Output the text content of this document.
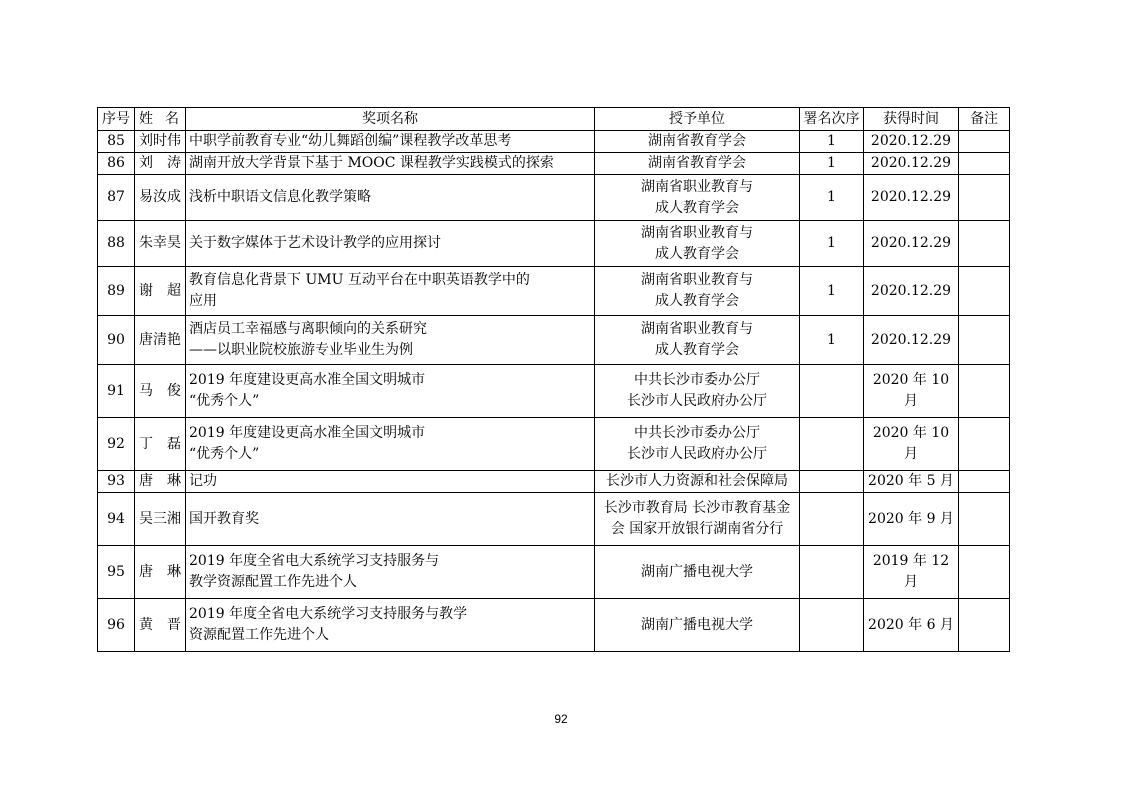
序号	姓 名	奖项名称	授予单位	署名次序	获得时间	备注
85	刘时伟	中职学前教育专业“幼儿舞蹈创编”课程教学改革思考	湖南省教育学会	1	2020.12.29	
86	刘 涛	湖南开放大学背景下基于 MOOC 课程教学实践模式的探索	湖南省教育学会	1	2020.12.29	
87	易汝成	浅析中职语文信息化教学策略	湖南省职业教育与
成人教育学会	1	2020.12.29	
88	朱幸昊	关于数字媒体于艺术设计教学的应用探讨	湖南省职业教育与
成人教育学会	1	2020.12.29	
89	谢 超	教育信息化背景下 UMU 互动平台在中职英语教学中的
应用	湖南省职业教育与
成人教育学会	1	2020.12.29	
90	唐清艳	酒店员工幸福感与离职倾向的关系研究
——以职业院校旅游专业毕业生为例	湖南省职业教育与
成人教育学会	1	2020.12.29	
91	马 俊	2019 年度建设更高水准全国文明城市
“优秀个人”	中共长沙市委办公厅
长沙市人民政府办公厅		2020 年 10 月	
92	丁 磊	2019 年度建设更高水准全国文明城市
“优秀个人”	中共长沙市委办公厅
长沙市人民政府办公厅		2020 年 10 月	
93	唐 琳	记功	长沙市人力资源和社会保障局		2020 年 5 月	
94	吴三湘	国开教育奖	长沙市教育局 长沙市教育基金
会 国家开放银行湖南省分行		2020 年 9 月	
95	唐 琳	2019 年度全省电大系统学习支持服务与
教学资源配置工作先进个人	湖南广播电视大学		2019 年 12 月	
96	黄 晋	2019 年度全省电大系统学习支持服务与教学
资源配置工作先进个人	湖南广播电视大学		2020 年 6 月	
92
